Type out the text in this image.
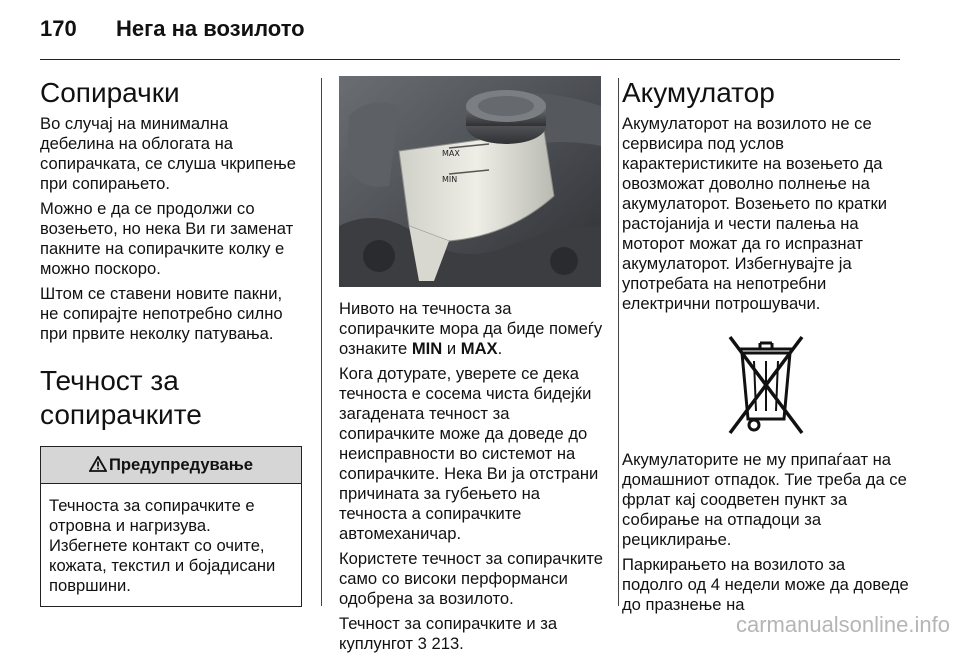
170 Нега на возилото
Сопирачки

Во случај на минимална дебелина на облогата на сопирачката, се слуша чкрипење при сопирањето.

Можно е да се продолжи со возењето, но нека Ви ги заменат пакните на сопирачките колку е можно поскоро.

Штом се ставени новите пакни, не сопирајте непотребно силно при првите неколку патувања.

Течност за сопирачките
Предупредување
Течноста за сопирачките е отровна и нагризува. Избегнете контакт со очите, кожата, текстил и бојадисани површини.
MAX
MIN

Нивото на течноста за сопирачките мора да биде помеѓу ознаките MIN и MAX.

Кога дотурате, уверете се дека течноста е сосема чиста бидејќи загадената течност за сопирачките може да доведе до неисправности во системот на сопирачките. Нека Ви ја отстрани причината за губењето на течноста а сопирачките автомеханичар.

Користете течност за сопирачките само со високи перформанси одобрена за возилото.

Течност за сопирачките и за куплунгот 3 213.

Акумулатор

Акумулаторот на возилото не се сервисира под услов карактеристиките на возењето да овозможат доволно полнење на акумулаторот. Возењето по кратки растојанија и чести палења на моторот можат да го испразнат акумулаторот. Избегнувајте ја употребата на непотребни електрични потрошувачи.

Акумулаторите не му припаѓаат на домашниот отпадок. Тие треба да се фрлат кај соодветен пункт за собирање на отпадоци за рециклирање.

Паркирањето на возилото за подолго од 4 недели може да доведе до празнење на

carmanualsonline.info
